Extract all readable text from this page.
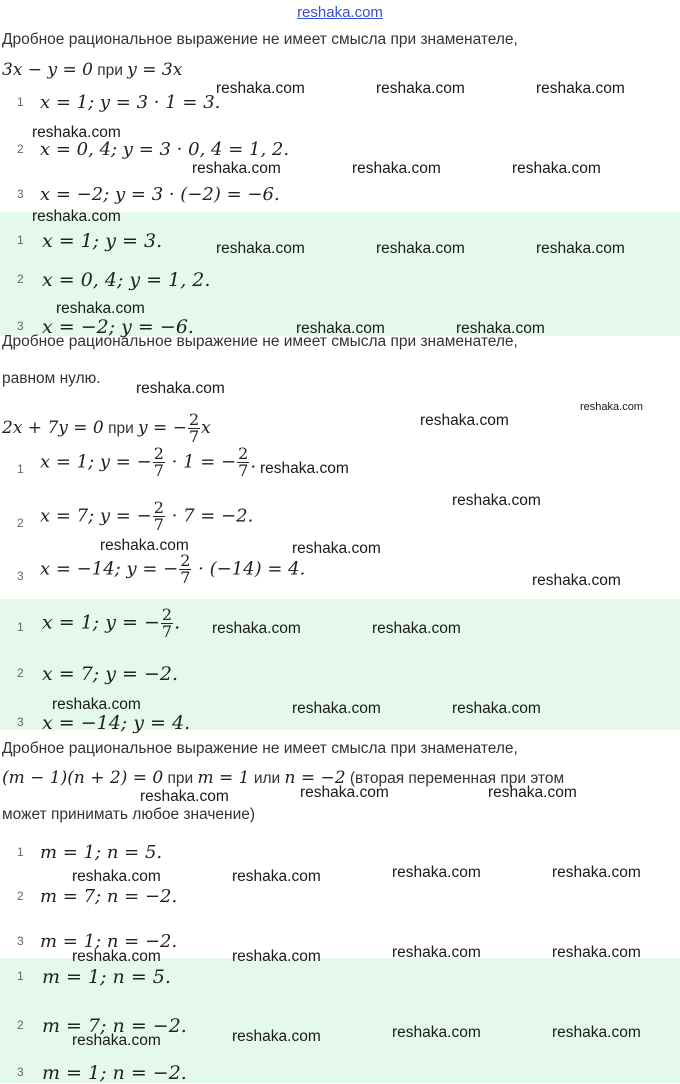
reshaka.com
Дробное рациональное выражение не имеет смысла при знаменателе,
3x − y = 0 при y = 3x
1 x = 1; y = 3 · 1 = 3.
2 x = 0, 4; y = 3 · 0, 4 = 1, 2.
3 x = −2; y = 3 · (−2) = −6.
1 x = 1; y = 3.
2 x = 0, 4; y = 1, 2.
3 x = −2; y = −6.
Дробное рациональное выражение не имеет смысла при знаменателе,
равном нулю.
2x + 7y = 0 при y = − $\frac{2}{7}$ x
1 x = 1; y = − $\frac{2}{7} \cdot 1$ = − $\frac{2}{7}$ .
2 x = 7; y = − $\frac{2}{7} \cdot 7 = -2$.
3 x = −14; y = − $\frac{2}{7} \cdot (-14) = 4$.
1 x = 1; y = − $\frac{2}{7}$ .
2 x = 7; y = −2.
3 x = −14; y = 4.
Дробное рациональное выражение не имеет смысла при знаменателе,
(m − 1)(n + 2) = 0 при m = 1 или n = −2 (вторая переменная при этом
может принимать любое значение)
1 m = 1; n = 5.
2 m = 7; n = −2.
3 m = 1; n = −2.
1 m = 1; n = 5.
2 m = 7; n = −2.
3 m = 1; n = −2.
reshaka.com	reshaka.com	reshaka.com
reshaka.com
reshaka.com	reshaka.com	reshaka.com
reshaka.com
reshaka.com	reshaka.com	reshaka.com
reshaka.com
reshaka.com	reshaka.com
reshaka.com
reshaka.com
reshaka.com
reshaka.com
reshaka.com
reshaka.com	reshaka.com
reshaka.com
reshaka.com	reshaka.com
reshaka.com	reshaka.com	reshaka.com
reshaka.com	reshaka.com	reshaka.com
reshaka.com	reshaka.com	reshaka.com	reshaka.com
reshaka.com	reshaka.com	reshaka.com	reshaka.com
reshaka.com	reshaka.com	reshaka.com	reshaka.com
